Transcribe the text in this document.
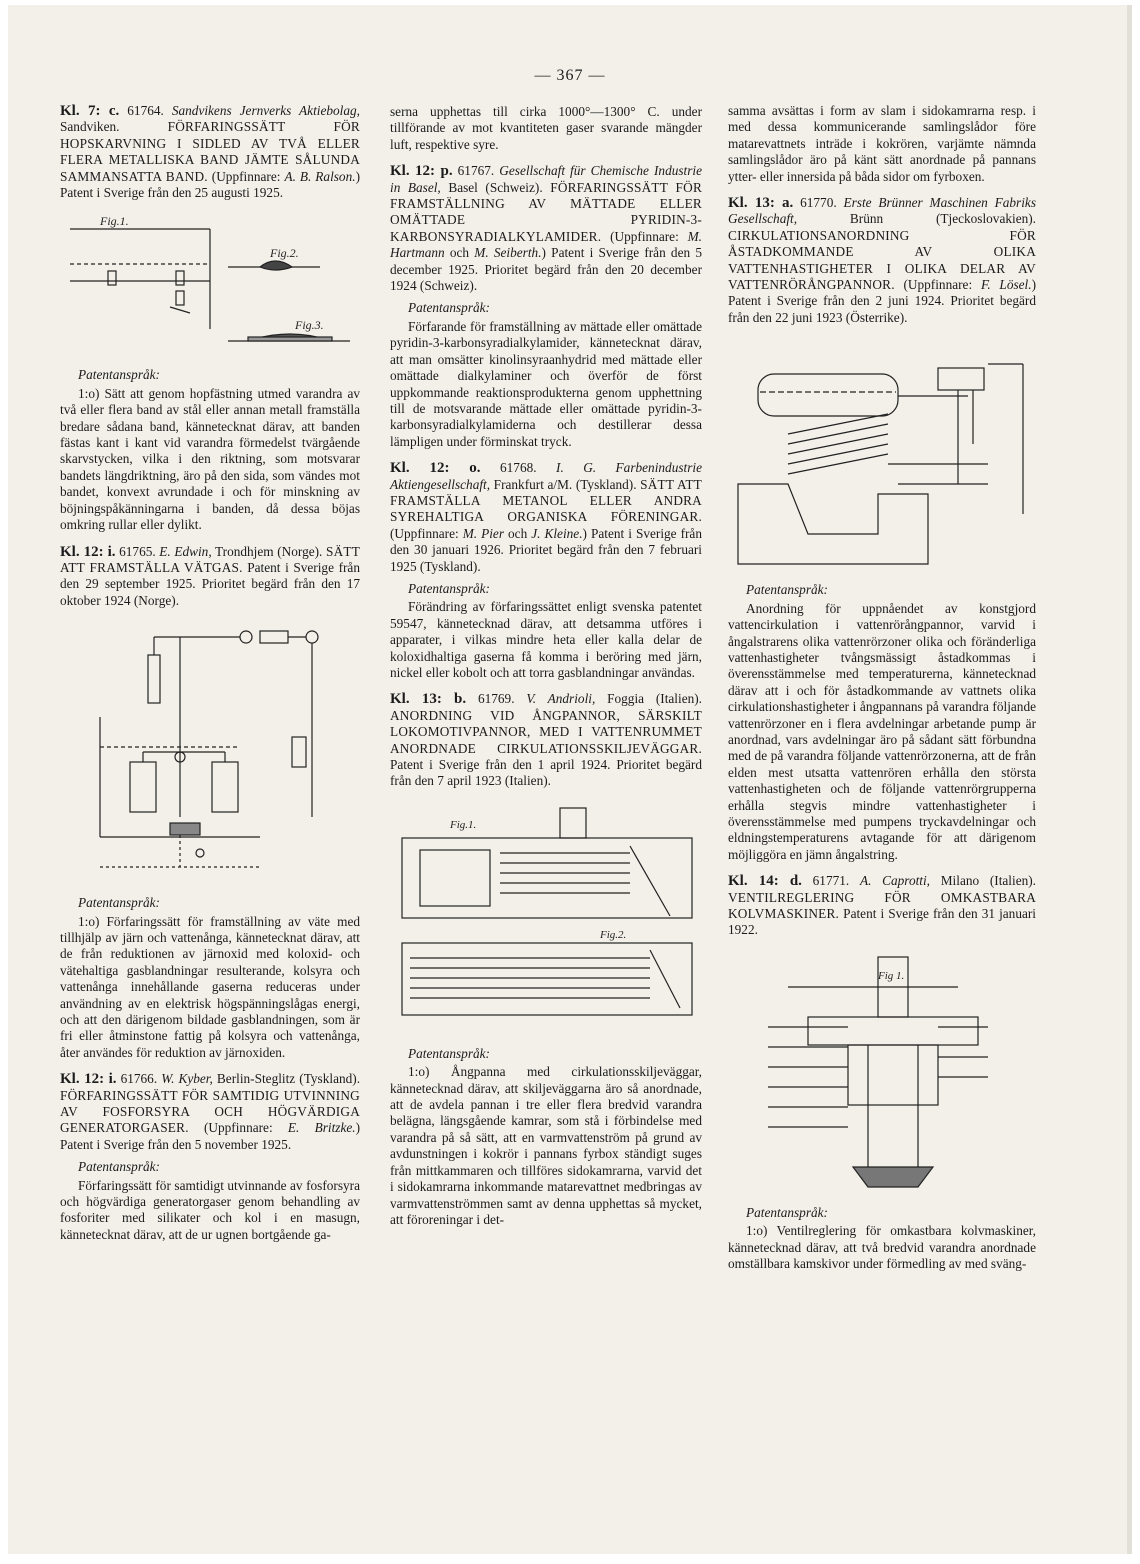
— 367 —
Kl. 7: c. 61764. Sandvikens Jernverks Aktiebolag, Sandviken.	FÖRFARINGSSÄTT FÖR HOPSKARVNING I SIDLED AV TVÅ ELLER FLERA METALLISKA BAND JÄMTE SÅLUNDA SAMMANSATTA BAND. (Uppfinnare: A. B. Ralson.) Patent i Sverige från den 25 augusti 1925.
Fig.1.
Fig.2.
Fig.3.
Patentanspråk:
1:o) Sätt att genom hopfästning utmed varandra av två eller flera band av stål eller annan metall framställa bredare sådana band, kännetecknat därav, att banden fästas kant i kant vid varandra förmedelst tvärgående skarvstycken, vilka i den riktning, som motsvarar bandets längdriktning, äro på den sida, som vändes mot bandet, konvext avrundade i och för minskning av böjningspåkänningarna i banden, då dessa böjas omkring rullar eller dylikt.
Kl. 12: i. 61765. E. Edwin, Trondhjem (Norge). SÄTT ATT FRAMSTÄLLA VÄTGAS. Patent i Sverige från den 29 september 1925. Prioritet begärd från den 17 oktober 1924 (Norge).
Patentanspråk:
1:o) Förfaringssätt för framställning av väte med tillhjälp av järn och vattenånga, kännetecknat därav, att de från reduktionen av järnoxid med koloxid- och vätehaltiga gasblandningar resulterande, kolsyra och vattenånga innehållande gaserna reduceras under användning av en elektrisk högspänningslågas energi, och att den därigenom bildade gasblandningen, som är fri eller åtminstone fattig på kolsyra och vattenånga, åter användes för reduktion av järnoxiden.
Kl. 12: i. 61766. W. Kyber, Berlin-Steglitz (Tyskland). FÖRFARINGSSÄTT FÖR SAMTIDIG UTVINNING AV FOSFORSYRA OCH HÖGVÄRDIGA GENERATORGASER. (Uppfinnare: E. Britzke.) Patent i Sverige från den 5 november 1925.
Patentanspråk:
Förfaringssätt för samtidigt utvinnande av fosforsyra och högvärdiga generatorgaser genom behandling av fosforiter med silikater och kol i en masugn, kännetecknat därav, att de ur ugnen bortgående ga-
serna upphettas till cirka 1000°—1300° C. under tillförande av mot kvantiteten gaser svarande mängder luft, respektive syre.
Kl. 12: p. 61767. Gesellschaft für Chemische Industrie in Basel, Basel (Schweiz). FÖRFARINGSSÄTT FÖR FRAMSTÄLLNING AV MÄTTADE ELLER OMÄTTADE PYRIDIN-3-KARBONSYRADIALKYLAMIDER. (Uppfinnare: M. Hartmann och M. Seiberth.) Patent i Sverige från den 5 december 1925. Prioritet begärd från den 20 december 1924 (Schweiz).
Patentanspråk:
Förfarande för framställning av mättade eller omättade pyridin-3-karbonsyradialkylamider, kännetecknat därav, att man omsätter kinolinsyraanhydrid med mättade eller omättade dialkylaminer och överför de först uppkommande reaktionsprodukterna genom upphettning till de motsvarande mättade eller omättade pyridin-3-karbonsyradialkylamiderna och destillerar dessa lämpligen under förminskat tryck.
Kl. 12: o. 61768. I. G. Farbenindustrie Aktiengesellschaft, Frankfurt a/M. (Tyskland). SÄTT ATT FRAMSTÄLLA METANOL ELLER ANDRA SYREHALTIGA ORGANISKA FÖRENINGAR. (Uppfinnare: M. Pier och J. Kleine.) Patent i Sverige från den 30 januari 1926. Prioritet begärd från den 7 februari 1925 (Tyskland).
Patentanspråk:
Förändring av förfaringssättet enligt svenska patentet 59547, kännetecknad därav, att detsamma utföres i apparater, i vilkas mindre heta eller kalla delar de koloxidhaltiga gaserna få komma i beröring med järn, nickel eller kobolt och att torra gasblandningar användas.
Kl. 13: b. 61769. V. Andrioli, Foggia (Italien). ANORDNING VID ÅNGPANNOR, SÄRSKILT LOKOMOTIVPANNOR, MED I VATTENRUMMET ANORDNADE CIRKULATIONSSKILJEVÄGGAR. Patent i Sverige från den 1 april 1924. Prioritet begärd från den 7 april 1923 (Italien).
Fig.1.
Fig.2.
Patentanspråk:
1:o) Ångpanna med cirkulationsskiljeväggar, kännetecknad därav, att skiljeväggarna äro så anordnade, att de avdela pannan i tre eller flera bredvid varandra belägna, längsgående kamrar, som stå i förbindelse med varandra på så sätt, att en varmvattenström på grund av avdunstningen i kokrör i pannans fyrbox ständigt suges från mittkammaren och tillföres sidokamrarna, varvid det i sidokamrarna inkommande matarevattnet medbringas av varmvattenströmmen samt av denna upphettas så mycket, att föroreningar i det-
samma avsättas i form av slam i sidokamrarna resp. i med dessa kommunicerande samlingslådor före matarevattnets inträde i kokrören, varjämte nämnda samlingslådor äro på känt sätt anordnade på pannans ytter- eller innersida på båda sidor om fyrboxen.
Kl. 13: a. 61770. Erste Brünner Maschinen Fabriks Gesellschaft,	Brünn (Tjeckoslovakien). CIRKULATIONSANORDNING FÖR ÅSTADKOMMANDE AV OLIKA VATTENHASTIGHETER I OLIKA DELAR AV VATTENRÖRÅNGPANNOR. (Uppfinnare: F. Lösel.) Patent i Sverige från den 2 juni 1924. Prioritet begärd från den 22 juni 1923 (Österrike).
Patentanspråk:
Anordning för uppnåendet av konstgjord vattencirkulation i vattenrörångpannor, varvid i ångalstrarens olika vattenrörzoner olika och föränderliga vattenhastigheter tvångsmässigt åstadkommas i överensstämmelse med temperaturerna, kännetecknad därav att i och för åstadkommande av vattnets olika cirkulationshastigheter i ångpannans på varandra följande vattenrörzoner en i flera avdelningar arbetande pump är anordnad, vars avdelningar äro på sådant sätt förbundna med de på varandra följande vattenrörzonerna, att de från elden mest utsatta vattenrören erhålla den största vattenhastigheten och de följande vattenrörgrupperna erhålla stegvis mindre vattenhastigheter i överensstämmelse med pumpens tryckavdelningar och eldningstemperaturens avtagande för att därigenom möjliggöra en jämn ångalstring.
Kl. 14: d. 61771. A. Caprotti, Milano (Italien). VENTILREGLERING FÖR OMKASTBARA KOLVMASKINER. Patent i Sverige från den 31 januari 1922.
Fig 1.
Patentanspråk:
1:o) Ventilreglering för omkastbara kolvmaskiner, kännetecknad därav, att två bredvid varandra anordnade omställbara kamskivor under förmedling av med sväng-
